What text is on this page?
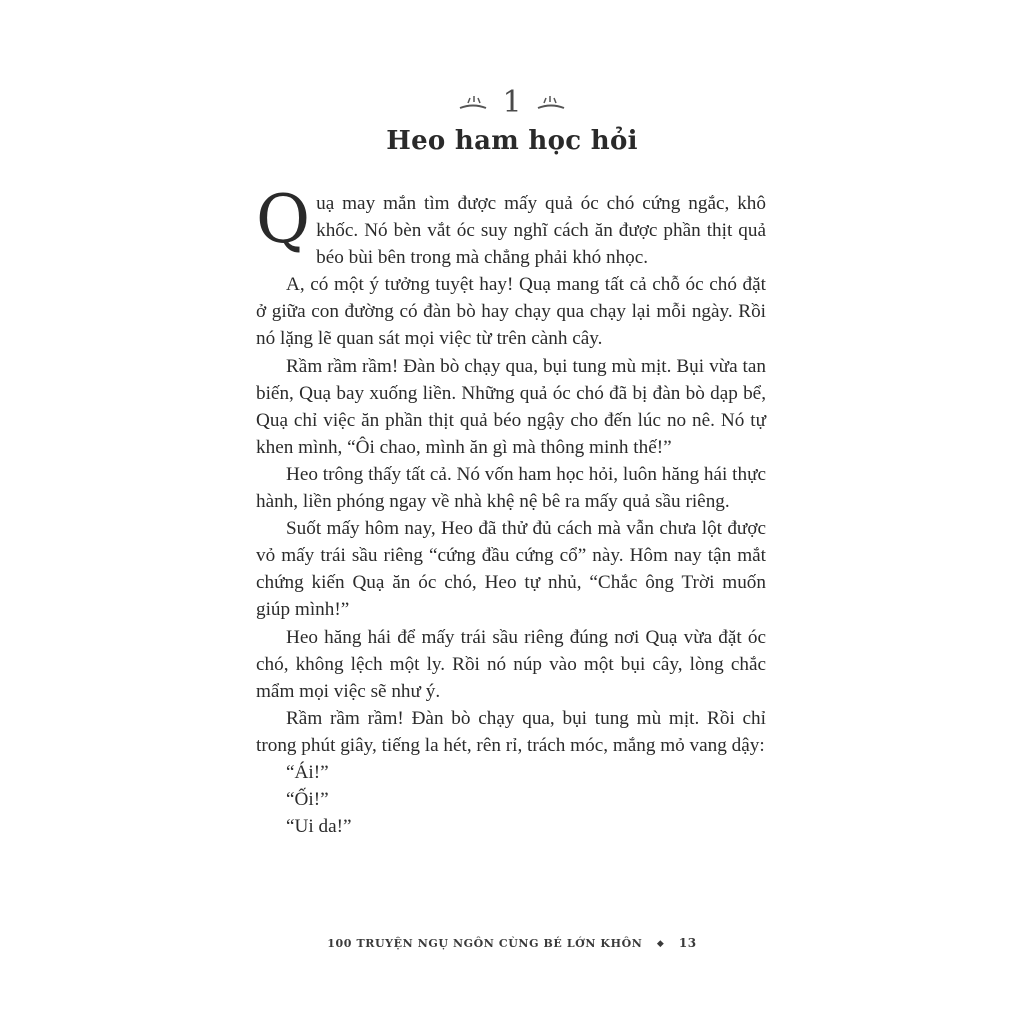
1
Heo ham học hỏi

Quạ may mắn tìm được mấy quả óc chó cứng ngắc, khô khốc. Nó bèn vắt óc suy nghĩ cách ăn được phần thịt quả béo bùi bên trong mà chẳng phải khó nhọc.

A, có một ý tưởng tuyệt hay! Quạ mang tất cả chỗ óc chó đặt ở giữa con đường có đàn bò hay chạy qua chạy lại mỗi ngày. Rồi nó lặng lẽ quan sát mọi việc từ trên cành cây.

Rầm rầm rầm! Đàn bò chạy qua, bụi tung mù mịt. Bụi vừa tan biến, Quạ bay xuống liền. Những quả óc chó đã bị đàn bò dạp bể, Quạ chỉ việc ăn phần thịt quả béo ngậy cho đến lúc no nê. Nó tự khen mình, “Ôi chao, mình ăn gì mà thông minh thế!”

Heo trông thấy tất cả. Nó vốn ham học hỏi, luôn hăng hái thực hành, liền phóng ngay về nhà khệ nệ bê ra mấy quả sầu riêng.

Suốt mấy hôm nay, Heo đã thử đủ cách mà vẫn chưa lột được vỏ mấy trái sầu riêng “cứng đầu cứng cổ” này. Hôm nay tận mắt chứng kiến Quạ ăn óc chó, Heo tự nhủ, “Chắc ông Trời muốn giúp mình!”

Heo hăng hái để mấy trái sầu riêng đúng nơi Quạ vừa đặt óc chó, không lệch một ly. Rồi nó núp vào một bụi cây, lòng chắc mẩm mọi việc sẽ như ý.

Rầm rầm rầm! Đàn bò chạy qua, bụi tung mù mịt. Rồi chỉ trong phút giây, tiếng la hét, rên rỉ, trách móc, mắng mỏ vang dậy:

“Ái!”

“Ối!”

“Ui da!”

100 TRUYỆN NGỤ NGÔN CÙNG BÉ LỚN KHÔN ◆ 13
